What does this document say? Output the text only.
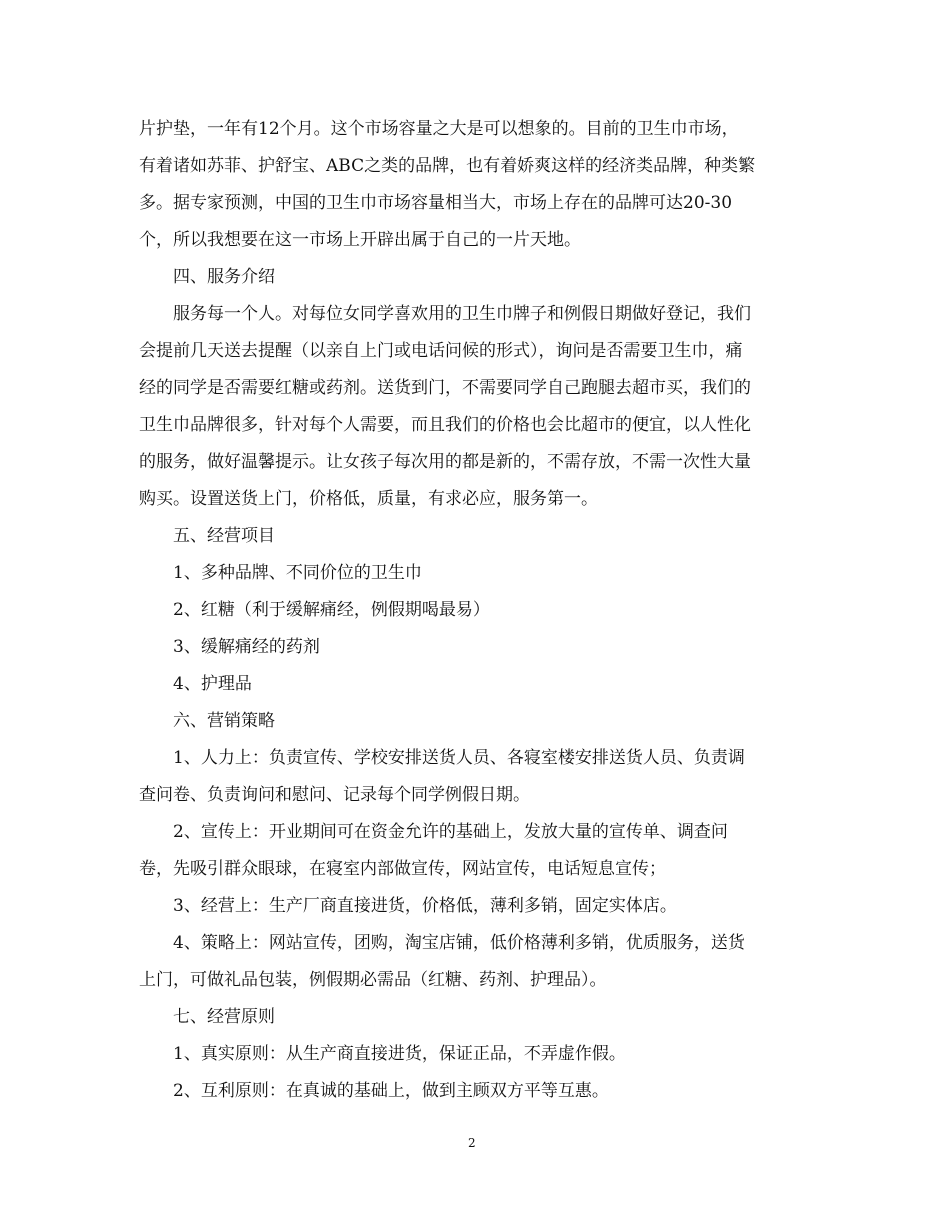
片护垫，一年有12个月。这个市场容量之大是可以想象的。目前的卫生巾市场，
有着诸如苏菲、护舒宝、ABC之类的品牌，也有着娇爽这样的经济类品牌，种类繁
多。据专家预测，中国的卫生巾市场容量相当大，市场上存在的品牌可达20-30
个，所以我想要在这一市场上开辟出属于自己的一片天地。
四、服务介绍
服务每一个人。对每位女同学喜欢用的卫生巾牌子和例假日期做好登记，我们
会提前几天送去提醒（以亲自上门或电话问候的形式），询问是否需要卫生巾，痛
经的同学是否需要红糖或药剂。送货到门，不需要同学自己跑腿去超市买，我们的
卫生巾品牌很多，针对每个人需要，而且我们的价格也会比超市的便宜，以人性化
的服务，做好温馨提示。让女孩子每次用的都是新的，不需存放，不需一次性大量
购买。设置送货上门，价格低，质量，有求必应，服务第一。
五、经营项目
1、多种品牌、不同价位的卫生巾
2、红糖（利于缓解痛经，例假期喝最易）
3、缓解痛经的药剂
4、护理品
六、营销策略
1、人力上：负责宣传、学校安排送货人员、各寝室楼安排送货人员、负责调
查问卷、负责询问和慰问、记录每个同学例假日期。
2、宣传上：开业期间可在资金允许的基础上，发放大量的宣传单、调查问
卷，先吸引群众眼球，在寝室内部做宣传，网站宣传，电话短息宣传；
3、经营上：生产厂商直接进货，价格低，薄利多销，固定实体店。
4、策略上：网站宣传，团购，淘宝店铺，低价格薄利多销，优质服务，送货
上门，可做礼品包装，例假期必需品（红糖、药剂、护理品）。
七、经营原则
1、真实原则：从生产商直接进货，保证正品，不弄虚作假。
2、互利原则：在真诚的基础上，做到主顾双方平等互惠。
2
